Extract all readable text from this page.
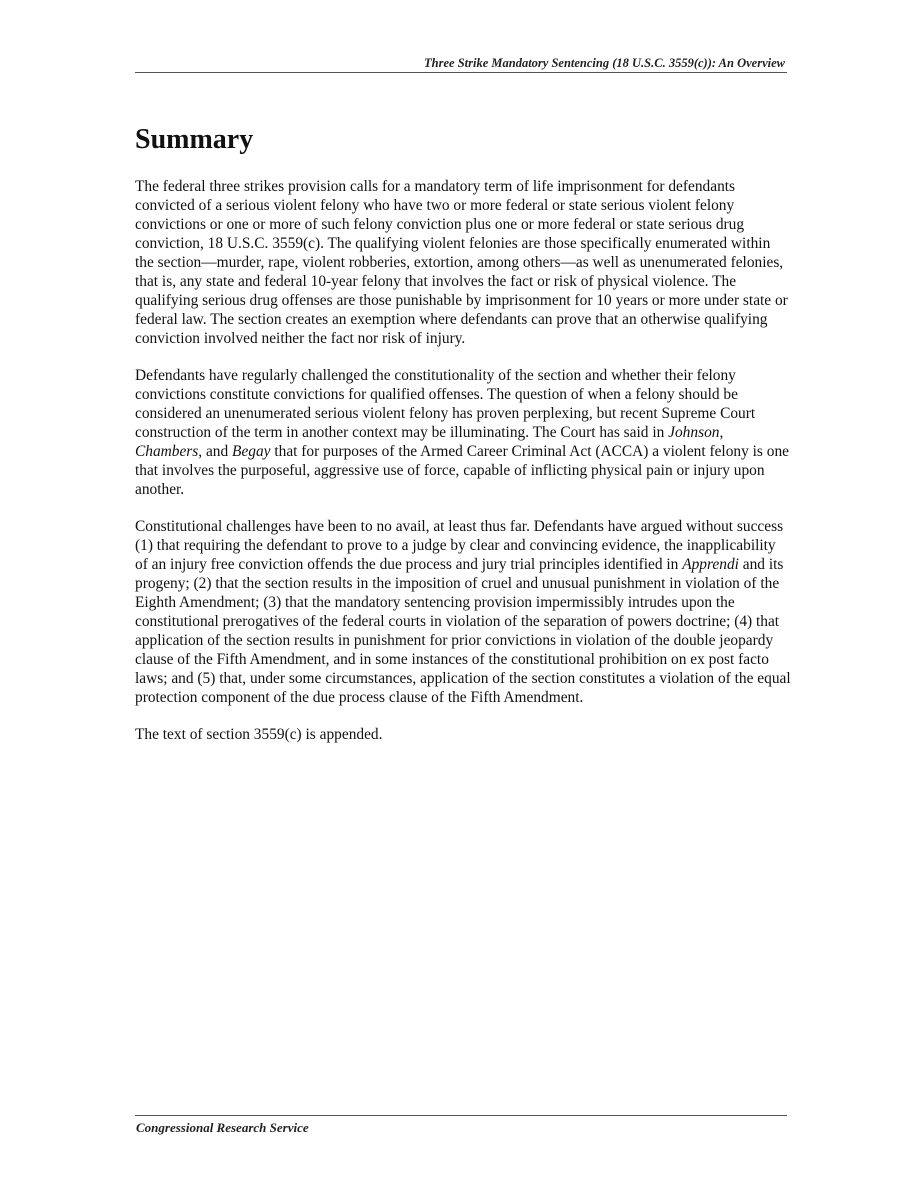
Three Strike Mandatory Sentencing (18 U.S.C. 3559(c)): An Overview
Summary

The federal three strikes provision calls for a mandatory term of life imprisonment for defendants convicted of a serious violent felony who have two or more federal or state serious violent felony convictions or one or more of such felony conviction plus one or more federal or state serious drug conviction, 18 U.S.C. 3559(c). The qualifying violent felonies are those specifically enumerated within the section—murder, rape, violent robberies, extortion, among others—as well as unenumerated felonies, that is, any state and federal 10-year felony that involves the fact or risk of physical violence. The qualifying serious drug offenses are those punishable by imprisonment for 10 years or more under state or federal law. The section creates an exemption where defendants can prove that an otherwise qualifying conviction involved neither the fact nor risk of injury.

Defendants have regularly challenged the constitutionality of the section and whether their felony convictions constitute convictions for qualified offenses. The question of when a felony should be considered an unenumerated serious violent felony has proven perplexing, but recent Supreme Court construction of the term in another context may be illuminating. The Court has said in Johnson, Chambers, and Begay that for purposes of the Armed Career Criminal Act (ACCA) a violent felony is one that involves the purposeful, aggressive use of force, capable of inflicting physical pain or injury upon another.

Constitutional challenges have been to no avail, at least thus far. Defendants have argued without success (1) that requiring the defendant to prove to a judge by clear and convincing evidence, the inapplicability of an injury free conviction offends the due process and jury trial principles identified in Apprendi and its progeny; (2) that the section results in the imposition of cruel and unusual punishment in violation of the Eighth Amendment; (3) that the mandatory sentencing provision impermissibly intrudes upon the constitutional prerogatives of the federal courts in violation of the separation of powers doctrine; (4) that application of the section results in punishment for prior convictions in violation of the double jeopardy clause of the Fifth Amendment, and in some instances of the constitutional prohibition on ex post facto laws; and (5) that, under some circumstances, application of the section constitutes a violation of the equal protection component of the due process clause of the Fifth Amendment.

The text of section 3559(c) is appended.

Congressional Research Service
